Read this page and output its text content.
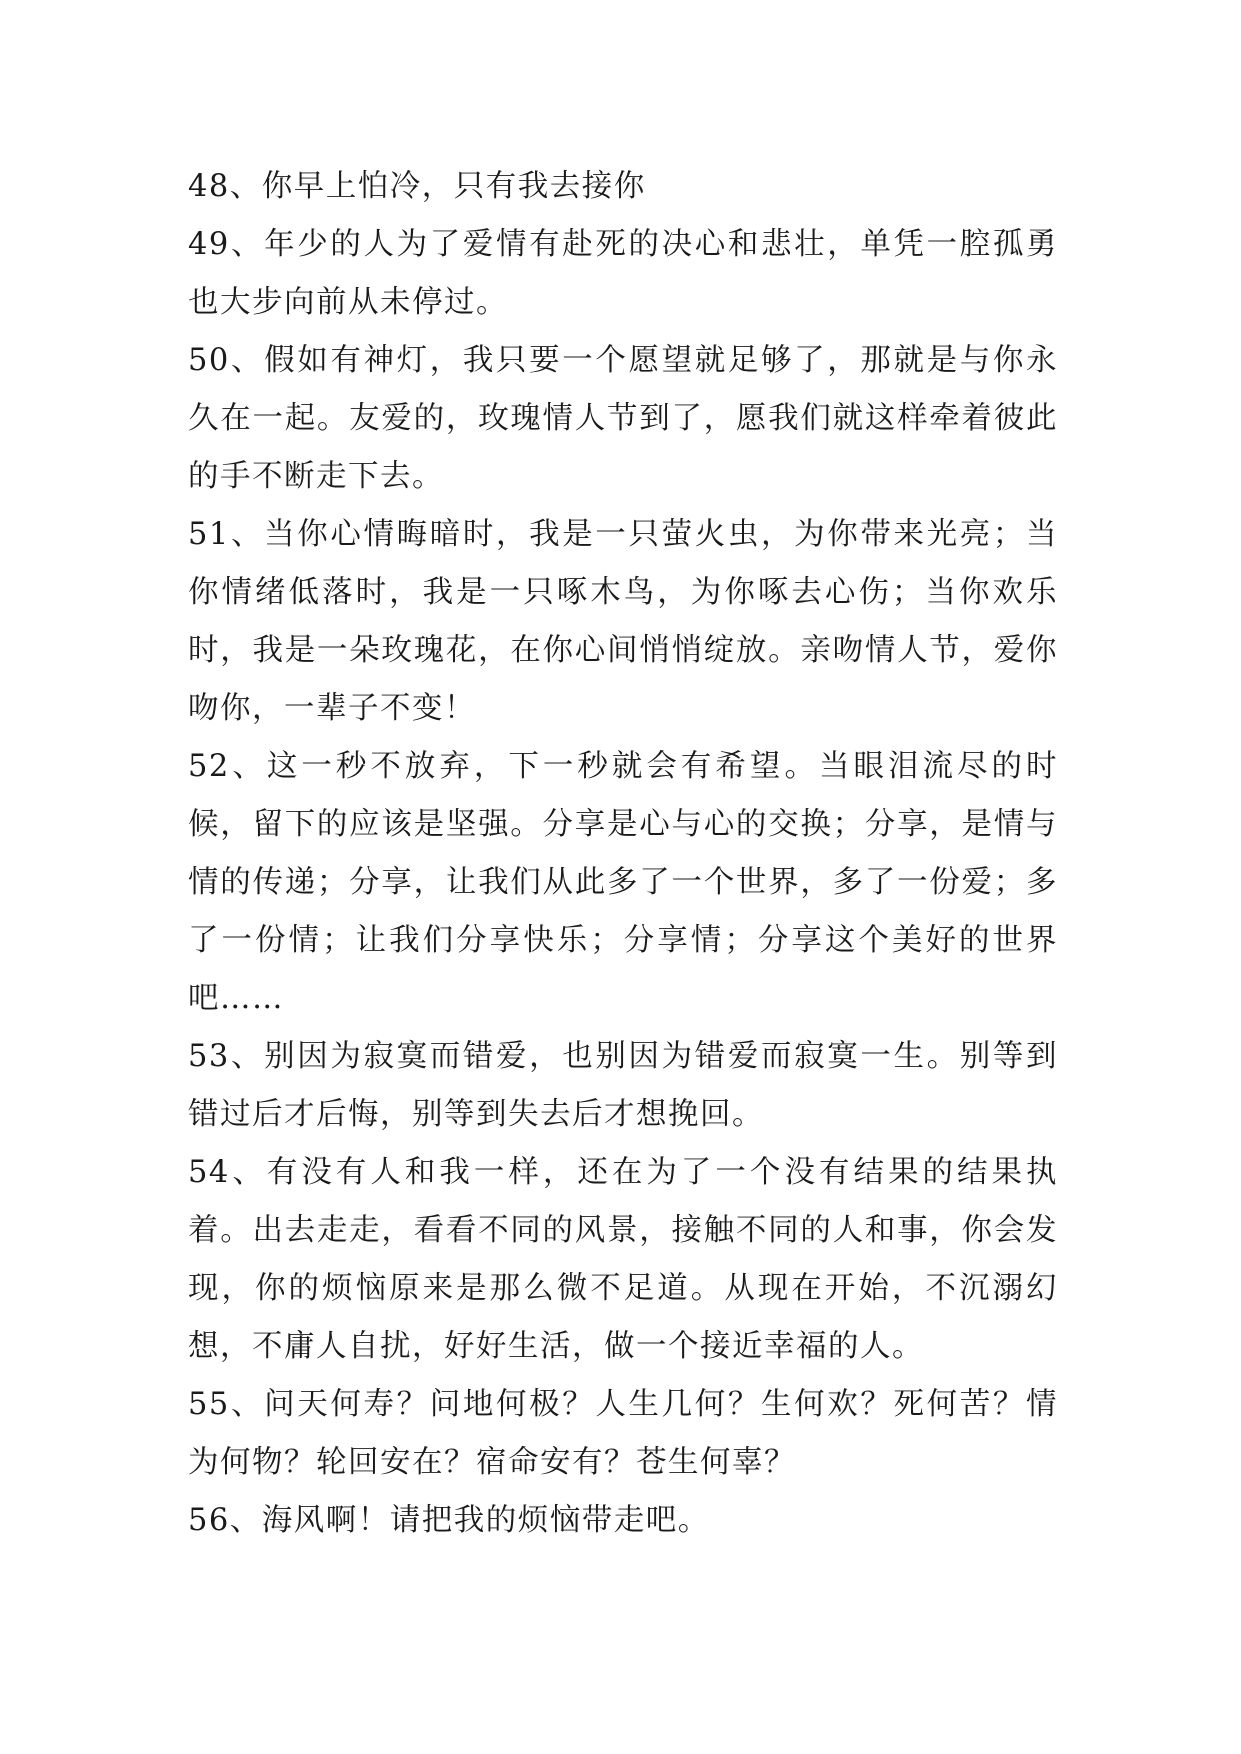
48、你早上怕冷，只有我去接你

49、年少的人为了爱情有赴死的决心和悲壮，单凭一腔孤勇也大步向前从未停过。

50、假如有神灯，我只要一个愿望就足够了，那就是与你永久在一起。友爱的，玫瑰情人节到了，愿我们就这样牵着彼此的手不断走下去。

51、当你心情晦暗时，我是一只萤火虫，为你带来光亮；当你情绪低落时，我是一只啄木鸟，为你啄去心伤；当你欢乐时，我是一朵玫瑰花，在你心间悄悄绽放。亲吻情人节，爱你吻你，一辈子不变！

52、这一秒不放弃，下一秒就会有希望。当眼泪流尽的时候，留下的应该是坚强。分享是心与心的交换；分享，是情与情的传递；分享，让我们从此多了一个世界，多了一份爱；多了一份情；让我们分享快乐；分享情；分享这个美好的世界吧……

53、别因为寂寞而错爱，也别因为错爱而寂寞一生。别等到错过后才后悔，别等到失去后才想挽回。

54、有没有人和我一样，还在为了一个没有结果的结果执着。出去走走，看看不同的风景，接触不同的人和事，你会发现，你的烦恼原来是那么微不足道。从现在开始，不沉溺幻想，不庸人自扰，好好生活，做一个接近幸福的人。

55、问天何寿？问地何极？人生几何？生何欢？死何苦？情为何物？轮回安在？宿命安有？苍生何辜？

56、海风啊！请把我的烦恼带走吧。
